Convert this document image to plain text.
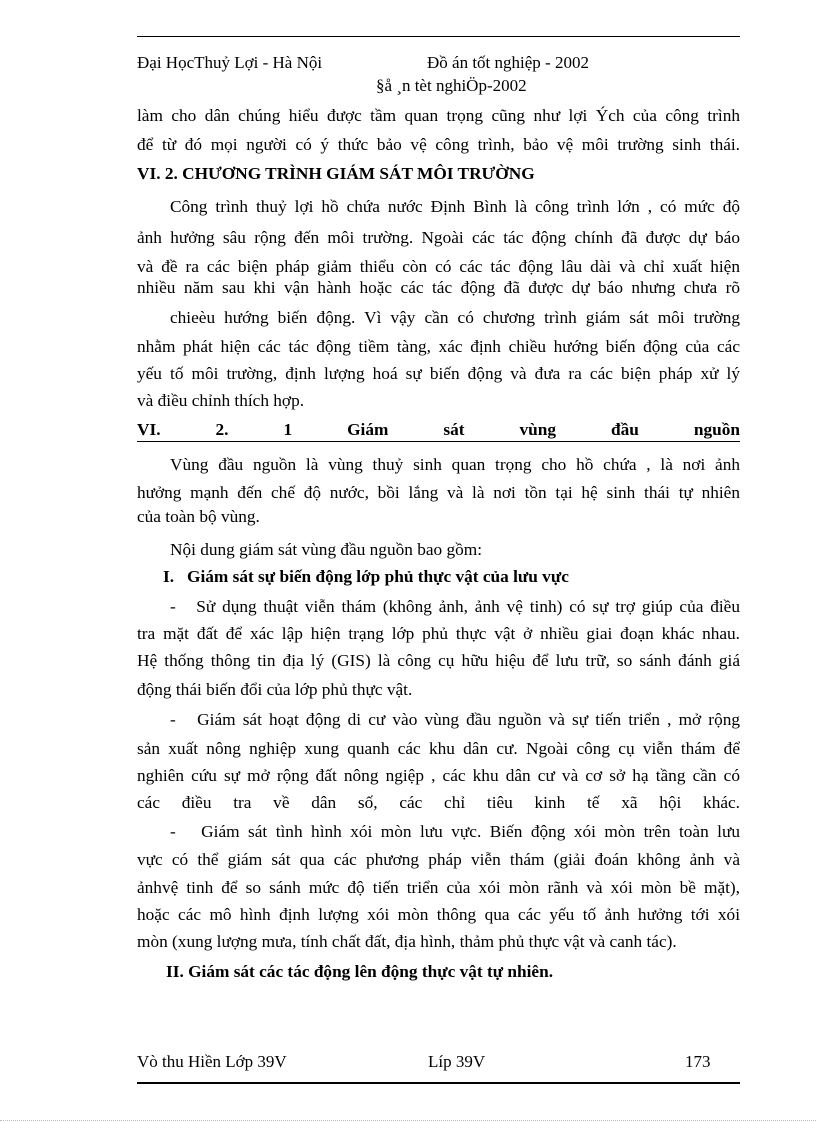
Đại HọcThuỷ Lợi - Hà Nội	Đồ án tốt nghiệp - 2002
§å ¸n tèt nghiÖp-2002
làm cho dân chúng hiểu được tầm quan trọng cũng như lợi Ých của công trình
để từ đó mọi người có ý thức bảo vệ công trình, bảo vệ môi trường sinh thái.
VI. 2. CHƯƠNG TRÌNH GIÁM SÁT MÔI TRƯỜNG
Công trình thuỷ lợi hồ chứa nước Định Bình là công trình lớn , có mức độ
ảnh hưởng sâu rộng đến môi trường. Ngoài các tác động chính đã được dự báo
và đề ra các biện pháp giảm thiểu còn có các tác động lâu dài và chỉ xuất hiện
nhiều năm sau khi vận hành hoặc các tác động đã được dự báo nhưng chưa rõ
chieèu hướng biến động. Vì vậy cần có chương trình giám sát môi trường
nhằm phát hiện các tác động tiềm tàng, xác định chiều hướng biến động của các
yếu tố môi trường, định lượng hoá sự biến động và đưa ra các biện pháp xử lý
và điều chỉnh thích hợp.
VI.	2.	1	Giám	sát	vùng	đầu	nguồn
Vùng đầu nguồn là vùng thuỷ sinh quan trọng cho hồ chứa , là nơi ảnh
hưởng mạnh đến chế độ nước, bồi lắng và là nơi tồn tại hệ sinh thái tự nhiên
của toàn bộ vùng.
Nội dung giám sát vùng đầu nguồn bao gồm:
I.   Giám sát sự biến động lớp phủ thực vật của lưu vực
-   Sử dụng thuật viễn thám (không ảnh, ảnh vệ tinh) có sự trợ giúp của điều
tra mặt đất để xác lập hiện trạng lớp phủ thực vật ở nhiều giai đoạn khác nhau.
Hệ thống thông tin địa lý (GIS) là công cụ hữu hiệu để lưu trữ, so sánh đánh giá
động thái biến đổi của lớp phủ thực vật.
-   Giám sát hoạt động di cư vào vùng đầu nguồn và sự tiến triển , mở rộng
sản xuất nông nghiệp xung quanh các khu dân cư. Ngoài công cụ viễn thám để
nghiên cứu sự mở rộng đất nông ngiệp , các khu dân cư và cơ sở hạ tầng cần có
các điều tra về dân số, các chỉ tiêu kinh tế xã hội khác.
-   Giám sát tình hình xói mòn lưu vực. Biến động xói mòn trên toàn lưu
vực có thể giám sát qua các phương pháp viễn thám (giải đoán không ảnh và
ảnhvệ tinh để so sánh mức độ tiến triển của xói mòn rãnh và xói mòn bề mặt),
hoặc các mô hình định lượng xói mòn thông qua các yếu tố ảnh hưởng tới xói
mòn (xung lượng mưa, tính chất đất, địa hình, thảm phủ thực vật và canh tác).
II. Giám sát các tác động lên động thực vật tự nhiên.
Vò thu Hiền Lớp 39V	Líp 39V	173
